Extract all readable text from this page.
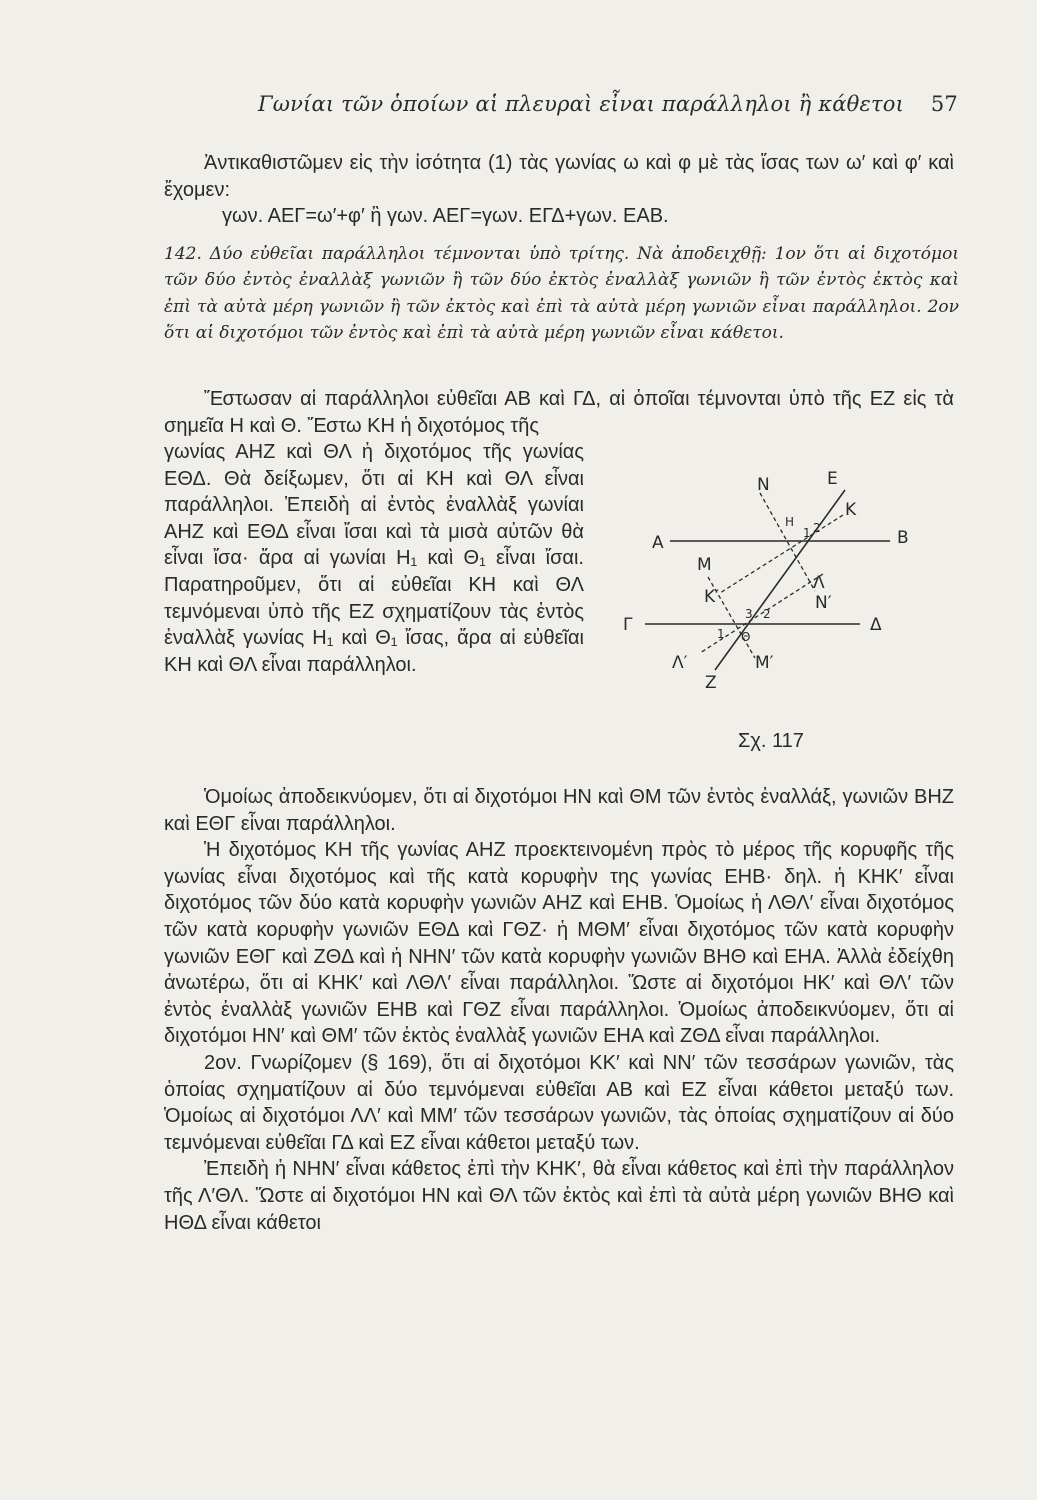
Γωνίαι τῶν ὁποίων αἱ πλευραὶ εἶναι παράλληλοι ἢ κάθετοι 57

Ἀντικαθιστῶμεν εἰς τὴν ἰσότητα (1) τὰς γωνίας ω καὶ φ μὲ τὰς ἴσας των ω′ καὶ φ′ καὶ ἔχομεν:

γων. ΑΕΓ=ω′+φ′ ἢ γων. ΑΕΓ=γων. ΕΓΔ+γων. ΕΑΒ.

142. Δύο εὐθεῖαι παράλληλοι τέμνονται ὑπὸ τρίτης. Νὰ ἀποδειχθῇ: 1ον ὅτι αἱ διχοτόμοι τῶν δύο ἐντὸς ἐναλλὰξ γωνιῶν ἢ τῶν δύο ἐκτὸς ἐναλλὰξ γωνιῶν ἢ τῶν ἐντὸς ἐκτὸς καὶ ἐπὶ τὰ αὐτὰ μέρη γωνιῶν ἢ τῶν ἐκτὸς καὶ ἐπὶ τὰ αὐτὰ μέρη γωνιῶν εἶναι παράλληλοι. 2ον ὅτι αἱ διχοτόμοι τῶν ἐντὸς καὶ ἐπὶ τὰ αὐτὰ μέρη γωνιῶν εἶναι κάθετοι.

Ἔστωσαν αἱ παράλληλοι εὐθεῖαι ΑΒ καὶ ΓΔ, αἱ ὁποῖαι τέμνονται ὑπὸ τῆς ΕΖ εἰς τὰ σημεῖα Η καὶ Θ. Ἔστω ΚΗ ἡ διχοτόμος τῆς

γωνίας ΑΗΖ καὶ ΘΛ ἡ διχοτόμος τῆς γωνίας ΕΘΔ. Θὰ δείξωμεν, ὅτι αἱ ΚΗ καὶ ΘΛ εἶναι παράλληλοι. Ἐπειδὴ αἱ ἐντὸς ἐναλλὰξ γωνίαι ΑΗΖ καὶ ΕΘΔ εἶναι ἴσαι καὶ τὰ μισὰ αὐτῶν θὰ εἶναι ἴσα· ἄρα αἱ γωνίαι Η₁ καὶ Θ₁ εἶναι ἴσαι. Παρατηροῦμεν, ὅτι αἱ εὐθεῖαι ΚΗ καὶ ΘΛ τεμνόμεναι ὑπὸ τῆς ΕΖ σχηματίζουν τὰς ἐντὸς ἐναλλὰξ γωνίας Η₁ καὶ Θ₁ ἴσας, ἄρα αἱ εὐθεῖαι ΚΗ καὶ ΘΛ εἶναι παράλληλοι.

Α	Β
Γ	Δ
Ε
Ζ
Ν
Η
Κ
Κ′
Λ
Λ′
Ν′
Μ
Μ′
Θ
1 2
3 2
1
Σχ. 117

Ὁμοίως ἀποδεικνύομεν, ὅτι αἱ διχοτόμοι ΗΝ καὶ ΘΜ τῶν ἐντὸς ἐναλλάξ, γωνιῶν ΒΗΖ καὶ ΕΘΓ εἶναι παράλληλοι.

Ἡ διχοτόμος ΚΗ τῆς γωνίας ΑΗΖ προεκτεινομένη πρὸς τὸ μέρος τῆς κορυφῆς τῆς γωνίας εἶναι διχοτόμος καὶ τῆς κατὰ κορυφὴν της γωνίας ΕΗΒ· δηλ. ἡ ΚΗΚ′ εἶναι διχοτόμος τῶν δύο κατὰ κορυφὴν γωνιῶν ΑΗΖ καὶ ΕΗΒ. Ὁμοίως ἡ ΛΘΛ′ εἶναι διχοτόμος τῶν κατὰ κορυφὴν γωνιῶν ΕΘΔ καὶ ΓΘΖ· ἡ ΜΘΜ′ εἶναι διχοτόμος τῶν κατὰ κορυφὴν γωνιῶν ΕΘΓ καὶ ΖΘΔ καὶ ἡ ΝΗΝ′ τῶν κατὰ κορυφὴν γωνιῶν ΒΗΘ καὶ ΕΗΑ. Ἀλλὰ ἐδείχθη ἀνωτέρω, ὅτι αἱ ΚΗΚ′ καὶ ΛΘΛ′ εἶναι παράλληλοι. Ὥστε αἱ διχοτόμοι ΗΚ′ καὶ ΘΛ′ τῶν ἐντὸς ἐναλλὰξ γωνιῶν ΕΗΒ καὶ ΓΘΖ εἶναι παράλληλοι. Ὁμοίως ἀποδεικνύομεν, ὅτι αἱ διχοτόμοι ΗΝ′ καὶ ΘΜ′ τῶν ἐκτὸς ἐναλλὰξ γωνιῶν ΕΗΑ καὶ ΖΘΔ εἶναι παράλληλοι.

2ον. Γνωρίζομεν (§ 169), ὅτι αἱ διχοτόμοι ΚΚ′ καὶ ΝΝ′ τῶν τεσσάρων γωνιῶν, τὰς ὁποίας σχηματίζουν αἱ δύο τεμνόμεναι εὐθεῖαι ΑΒ καὶ ΕΖ εἶναι κάθετοι μεταξύ των. Ὁμοίως αἱ διχοτόμοι ΛΛ′ καὶ ΜΜ′ τῶν τεσσάρων γωνιῶν, τὰς ὁποίας σχηματίζουν αἱ δύο τεμνόμεναι εὐθεῖαι ΓΔ καὶ ΕΖ εἶναι κάθετοι μεταξύ των.

Ἐπειδὴ ἡ ΝΗΝ′ εἶναι κάθετος ἐπὶ τὴν ΚΗΚ′, θὰ εἶναι κάθετος καὶ ἐπὶ τὴν παράλληλον τῆς Λ′ΘΛ. Ὥστε αἱ διχοτόμοι ΗΝ καὶ ΘΛ τῶν ἐκτὸς καὶ ἐπὶ τὰ αὐτὰ μέρη γωνιῶν ΒΗΘ καὶ ΗΘΔ εἶναι κάθετοι
